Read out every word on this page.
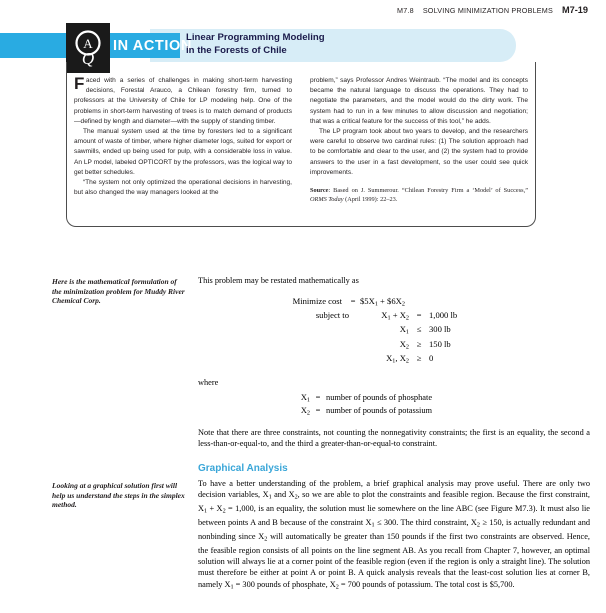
M7.8 SOLVING MINIMIZATION PROBLEMS M7-19
A
Q
IN ACTION
Linear Programming Modeling
in the Forests of Chile

Faced with a series of challenges in making short-term harvesting decisions, Forestal Arauco, a Chilean forestry firm, turned to professors at the University of Chile for LP modeling help. One of the problems in short-term harvesting of trees is to match demand of products—defined by length and diameter—with the supply of standing timber.

The manual system used at the time by foresters led to a significant amount of waste of timber, where higher diameter logs, suited for export or sawmills, ended up being used for pulp, with a considerable loss in value. An LP model, labeled OPTICORT by the professors, was the logical way to get better schedules.

“The system not only optimized the operational decisions in harvesting, but also changed the way managers looked at the

problem,” says Professor Andres Weintraub. “The model and its concepts became the natural language to discuss the operations. They had to negotiate the parameters, and the model would do the dirty work. The system had to run in a few minutes to allow discussion and negotiation; that was a critical feature for the success of this tool,” he adds.

The LP program took about two years to develop, and the researchers were careful to observe two cardinal rules: (1) The solution approach had to be comfortable and clear to the user, and (2) the system had to provide answers to the user in a fast development, so the user could see quick improvements.

Source: Based on J. Summerour. “Chilean Forestry Firm a ‘Model’ of Success,” ORMS Today (April 1999): 22–23.
Here is the mathematical formulation of the minimization problem for Muddy River Chemical Corp.
This problem may be restated mathematically as
Minimize $\cos t = \$5X_1$ + $\$6X_2$
subject to	$X_1 + X_2 = 1,000$ lb
$X_1 \le 300$ lb
$X_2 \ge 150$ lb
$X_1$, $X_2 \ge 0$
where
$X_1$ = number of pounds of phosphate
$X_2$ = number of pounds of potassium
Note that there are three constraints, not counting the nonnegativity constraints; the first is an equality, the second a less-than-or-equal-to, and the third a greater-than-or-equal-to constraint.
Graphical Analysis
Looking at a graphical solution first will help us understand the steps in the simplex method.
To have a better understanding of the problem, a brief graphical analysis may prove useful. There are only two decision variables, $X_1$ and $X_2$, so we are able to plot the constraints and feasible region. Because the first constraint, $X_1 + X_2 = 1,000$, is an equality, the solution must lie somewhere on the line ABC (see Figure M7.3). It must also lie between points A and B because of the constraint $X_1 \le 300$. The third constraint, $X_2 \ge 150$, is actually redundant and nonbinding since $X_2$ will automatically be greater than 150 pounds if the first two constraints are observed. Hence, the feasible region consists of all points on the line segment AB. As you recall from Chapter 7, however, an optimal solution will always lie at a corner point of the feasible region (even if the region is only a straight line). The solution must therefore be either at point A or point B. A quick analysis reveals that the least-cost solution lies at corner B, namely $X_1 = 300$ pounds of phosphate, $X_2 = 700$ pounds of potassium. The total cost is $5,700.
